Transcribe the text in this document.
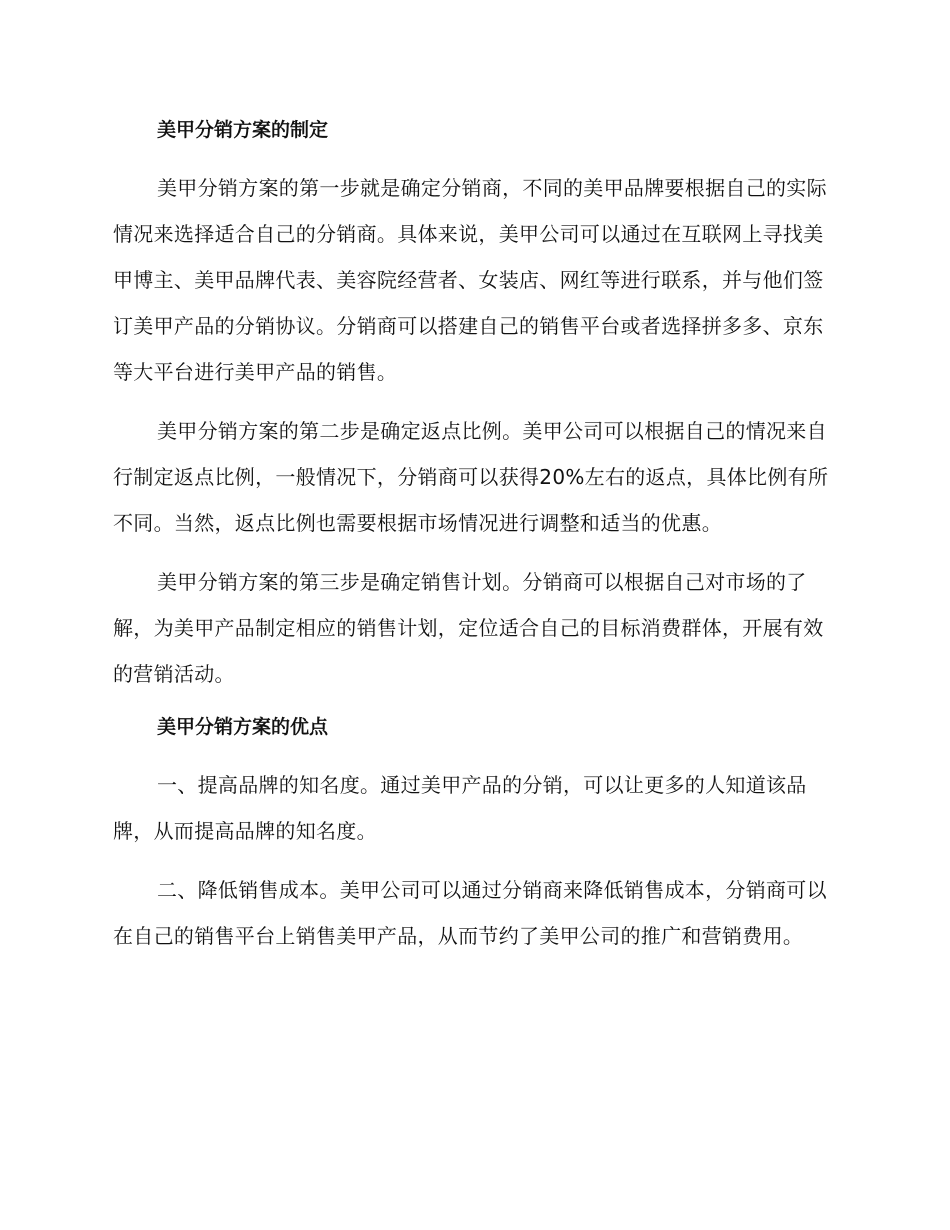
美甲分销方案的制定

美甲分销方案的第一步就是确定分销商，不同的美甲品牌要根据自己的实际情况来选择适合自己的分销商。具体来说，美甲公司可以通过在互联网上寻找美甲博主、美甲品牌代表、美容院经营者、女装店、网红等进行联系，并与他们签订美甲产品的分销协议。分销商可以搭建自己的销售平台或者选择拼多多、京东等大平台进行美甲产品的销售。

美甲分销方案的第二步是确定返点比例。美甲公司可以根据自己的情况来自行制定返点比例，一般情况下，分销商可以获得20%左右的返点，具体比例有所不同。当然，返点比例也需要根据市场情况进行调整和适当的优惠。

美甲分销方案的第三步是确定销售计划。分销商可以根据自己对市场的了解，为美甲产品制定相应的销售计划，定位适合自己的目标消费群体，开展有效的营销活动。

美甲分销方案的优点

一、提高品牌的知名度。通过美甲产品的分销，可以让更多的人知道该品牌，从而提高品牌的知名度。

二、降低销售成本。美甲公司可以通过分销商来降低销售成本，分销商可以在自己的销售平台上销售美甲产品，从而节约了美甲公司的推广和营销费用。
